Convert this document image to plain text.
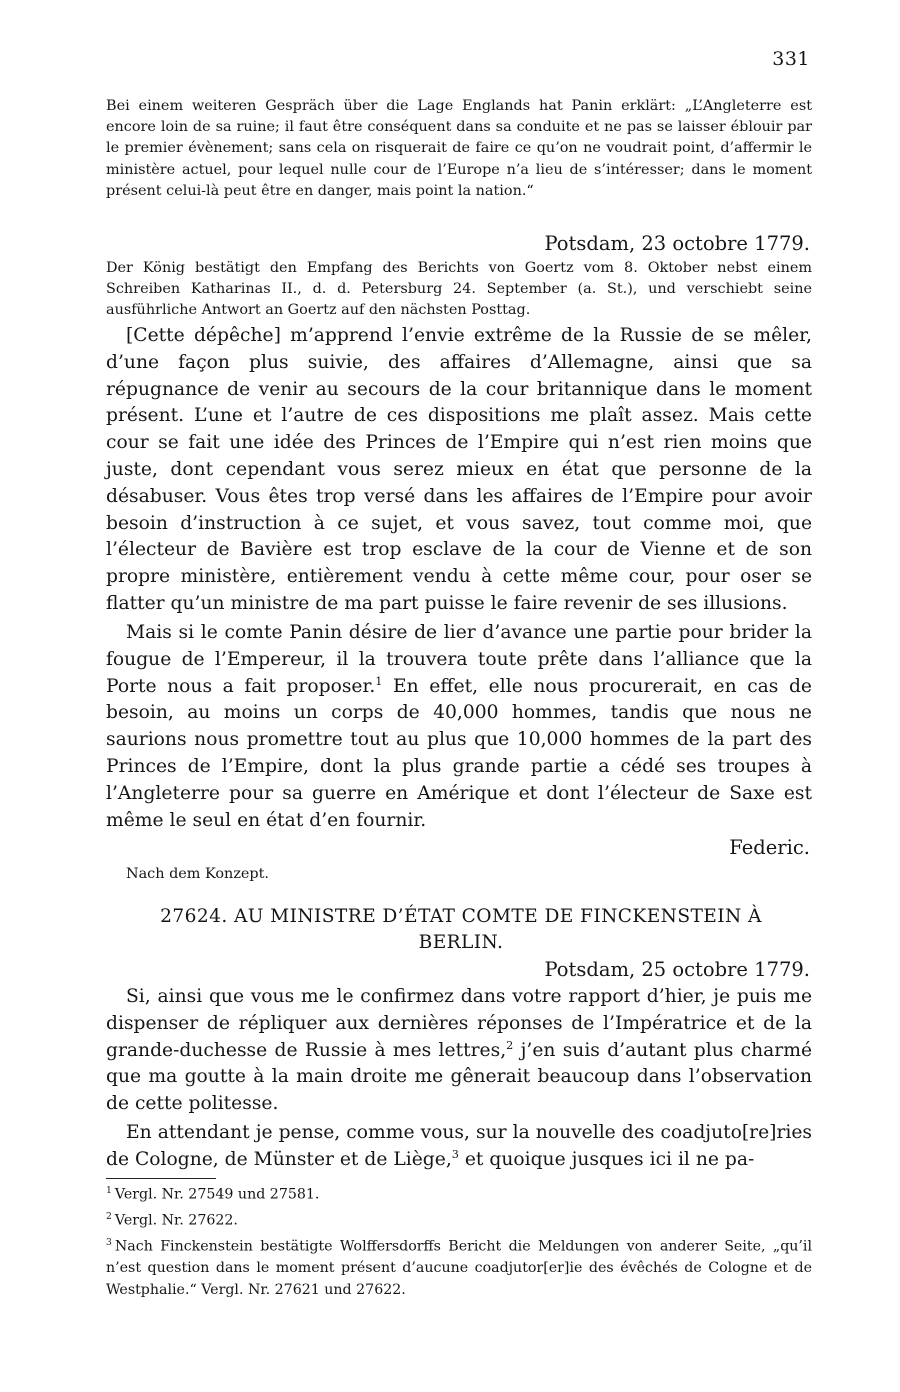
331

Bei einem weiteren Gespräch über die Lage Englands hat Panin erklärt: „L’Angleterre est encore loin de sa ruine; il faut être conséquent dans sa conduite et ne pas se laisser éblouir par le premier évènement; sans cela on risquerait de faire ce qu’on ne voudrait point, d’affermir le ministère actuel, pour lequel nulle cour de l’Europe n’a lieu de s’intéresser; dans le moment présent celui-là peut être en danger, mais point la nation.“

Potsdam, 23 octobre 1779.

Der König bestätigt den Empfang des Berichts von Goertz vom 8. Oktober nebst einem Schreiben Katharinas II., d. d. Petersburg 24. September (a. St.), und verschiebt seine ausführliche Antwort an Goertz auf den nächsten Posttag.

[Cette dépêche] m’apprend l’envie extrême de la Russie de se mêler, d’une façon plus suivie, des affaires d’Allemagne, ainsi que sa répugnance de venir au secours de la cour britannique dans le moment présent. L’une et l’autre de ces dispositions me plaît assez. Mais cette cour se fait une idée des Princes de l’Empire qui n’est rien moins que juste, dont cependant vous serez mieux en état que personne de la désabuser. Vous êtes trop versé dans les affaires de l’Empire pour avoir besoin d’instruction à ce sujet, et vous savez, tout comme moi, que l’électeur de Bavière est trop esclave de la cour de Vienne et de son propre ministère, entièrement vendu à cette même cour, pour oser se flatter qu’un ministre de ma part puisse le faire revenir de ses illusions.

Mais si le comte Panin désire de lier d’avance une partie pour brider la fougue de l’Empereur, il la trouvera toute prête dans l’alliance que la Porte nous a fait proposer.$^1$ En effet, elle nous procurerait, en cas de besoin, au moins un corps de 40,000 hommes, tandis que nous ne saurions nous promettre tout au plus que 10,000 hommes de la part des Princes de l’Empire, dont la plus grande partie a cédé ses troupes à l’Angleterre pour sa guerre en Amérique et dont l’électeur de Saxe est même le seul en état d’en fournir.

Federic.
Nach dem Konzept.
27624. AU MINISTRE D’ÉTAT COMTE DE FINCKENSTEIN À
BERLIN.
Potsdam, 25 octobre 1779.

Si, ainsi que vous me le confirmez dans votre rapport d’hier, je puis me dispenser de répliquer aux dernières réponses de l’Impératrice et de la grande-duchesse de Russie à mes lettres,$^2$ j’en suis d’autant plus charmé que ma goutte à la main droite me gênerait beaucoup dans l’observation de cette politesse.

En attendant je pense, comme vous, sur la nouvelle des coadjuto[re]ries de Cologne, de Münster et de Liège,$^3$ et quoique jusques ici il ne pa-

$^1$ Vergl. Nr. 27549 und 27581.

$^2$ Vergl. Nr. 27622.

$^3$ Nach Finckenstein bestätigte Wolffersdorffs Bericht die Meldungen von anderer Seite, „qu’il n’est question dans le moment présent d’aucune coadjutor[er]ie des évêchés de Cologne et de Westphalie.“ Vergl. Nr. 27621 und 27622.
